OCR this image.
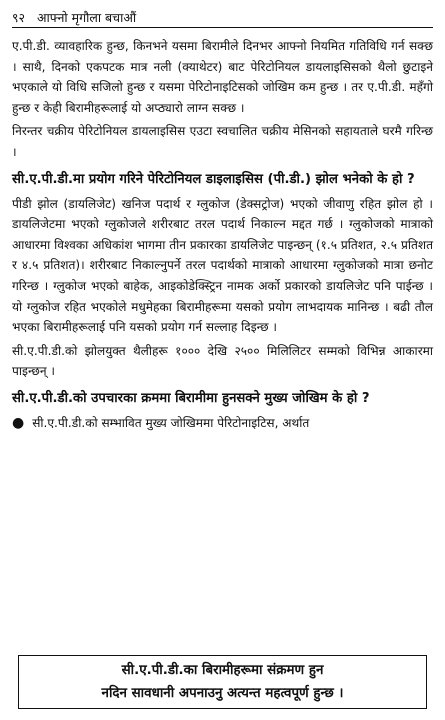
९२ आफ्नो मृगौला बचाऔं

ए.पी.डी. व्यावहारिक हुन्छ, किनभने यसमा बिरामीले दिनभर आफ्नो नियमित गतिविधि गर्न सक्छ । साथै, दिनको एकपटक मात्र नली (क्याथेटर) बाट पेरिटोनियल डायलाइसिसको थैलो छुटाइने भएकाले यो विधि सजिलो हुन्छ र यसमा पेरिटोनाइटिसको जोखिम कम हुन्छ । तर ए.पी.डी. महँगो हुन्छ र केही बिरामीहरूलाई यो अप्ठ्यारो लाग्न सक्छ ।

निरन्तर चक्रीय पेरिटोनियल डायलाइसिस एउटा स्वचालित चक्रीय मेसिनको सहायताले घरमै गरिन्छ ।

सी.ए.पी.डी.मा प्रयोग गरिने पेरिटोनियल डाइलाइसिस (पी.डी.) झोल भनेको के हो ?

पीडी झोल (डायलिजेट) खनिज पदार्थ र ग्लुकोज (डेक्सट्रोज) भएको जीवाणु रहित झोल हो । डायलिजेटमा भएको ग्लुकोजले शरीरबाट तरल पदार्थ निकाल्न मद्दत गर्छ । ग्लुकोजको मात्राको आधारमा विश्वका अधिकांश भागमा तीन प्रकारका डायलिजेट पाइन्छन् (१.५ प्रतिशत, २.५ प्रतिशत र ४.५ प्रतिशत)। शरीरबाट निकाल्नुपर्ने तरल पदार्थको मात्राको आधारमा ग्लुकोजको मात्रा छनोट गरिन्छ । ग्लुकोज भएको बाहेक, आइकोडेक्स्ट्रिन नामक अर्को प्रकारको डायलिजेट पनि पाईन्छ । यो ग्लुकोज रहित भएकोले मधुमेहका बिरामीहरूमा यसको प्रयोग लाभदायक मानिन्छ । बढी तौल भएका बिरामीहरूलाई पनि यसको प्रयोग गर्न सल्लाह दिइन्छ ।

सी.ए.पी.डी.को झोलयुक्त थैलीहरू १००० देखि २५०० मिलिलिटर सम्मको विभिन्न आकारमा पाइन्छन् ।

सी.ए.पी.डी.को उपचारका क्रममा बिरामीमा हुनसक्ने मुख्य जोखिम के हो ?
● सी.ए.पी.डी.को सम्भावित मुख्य जोखिममा पेरिटोनाइटिस, अर्थात
सी.ए.पी.डी.का बिरामीहरूमा संक्रमण हुन
नदिन सावधानी अपनाउनु अत्यन्त महत्वपूर्ण हुन्छ ।
